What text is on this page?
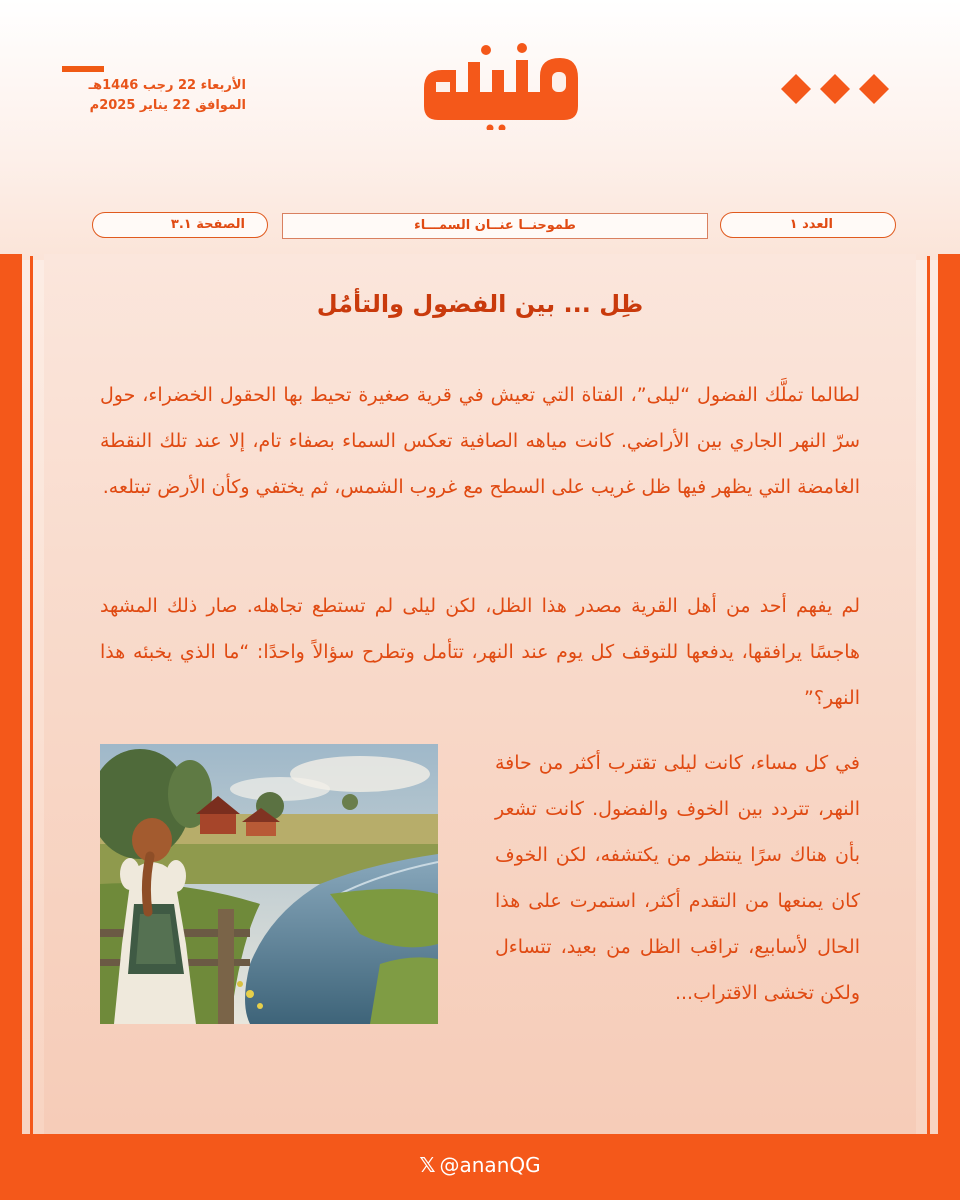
الأربعاء 22 رجب 1446هـ
الموافق 22 يناير 2025م
الصفحة ٣.١	طموحنــا عنــان السمـــاء	العدد ١
ظِل ... بين الفضول والتأمُل

لطالما تملَّك الفضول “ليلى”، الفتاة التي تعيش في قرية صغيرة تحيط بها الحقول الخضراء، حول سرّ النهر الجاري بين الأراضي. كانت مياهه الصافية تعكس السماء بصفاء تام، إلا عند تلك النقطة الغامضة التي يظهر فيها ظل غريب على السطح مع غروب الشمس، ثم يختفي وكأن الأرض تبتلعه.

لم يفهم أحد من أهل القرية مصدر هذا الظل، لكن ليلى لم تستطع تجاهله. صار ذلك المشهد هاجسًا يرافقها، يدفعها للتوقف كل يوم عند النهر، تتأمل وتطرح سؤالاً واحدًا: “ما الذي يخبئه هذا النهر؟”

في كل مساء، كانت ليلى تقترب أكثر من حافة النهر، تتردد بين الخوف والفضول. كانت تشعر بأن هناك سرًا ينتظر من يكتشفه، لكن الخوف كان يمنعها من التقدم أكثر، استمرت على هذا الحال لأسابيع، تراقب الظل من بعيد، تتساءل ولكن تخشى الاقتراب...

𝕏 @ananQG
